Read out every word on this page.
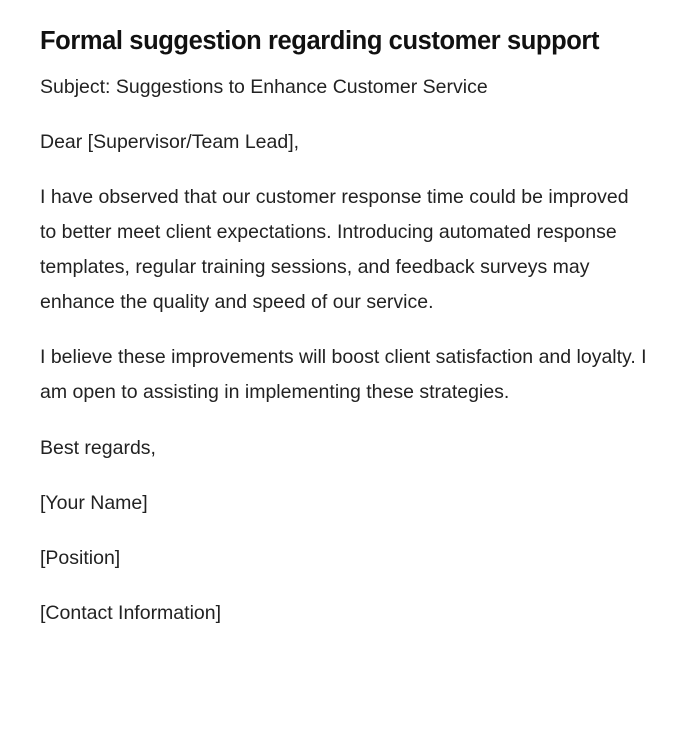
Formal suggestion regarding customer support

Subject: Suggestions to Enhance Customer Service

Dear [Supervisor/Team Lead],

I have observed that our customer response time could be improved to better meet client expectations. Introducing automated response templates, regular training sessions, and feedback surveys may enhance the quality and speed of our service.

I believe these improvements will boost client satisfaction and loyalty. I am open to assisting in implementing these strategies.

Best regards,

[Your Name]

[Position]

[Contact Information]
